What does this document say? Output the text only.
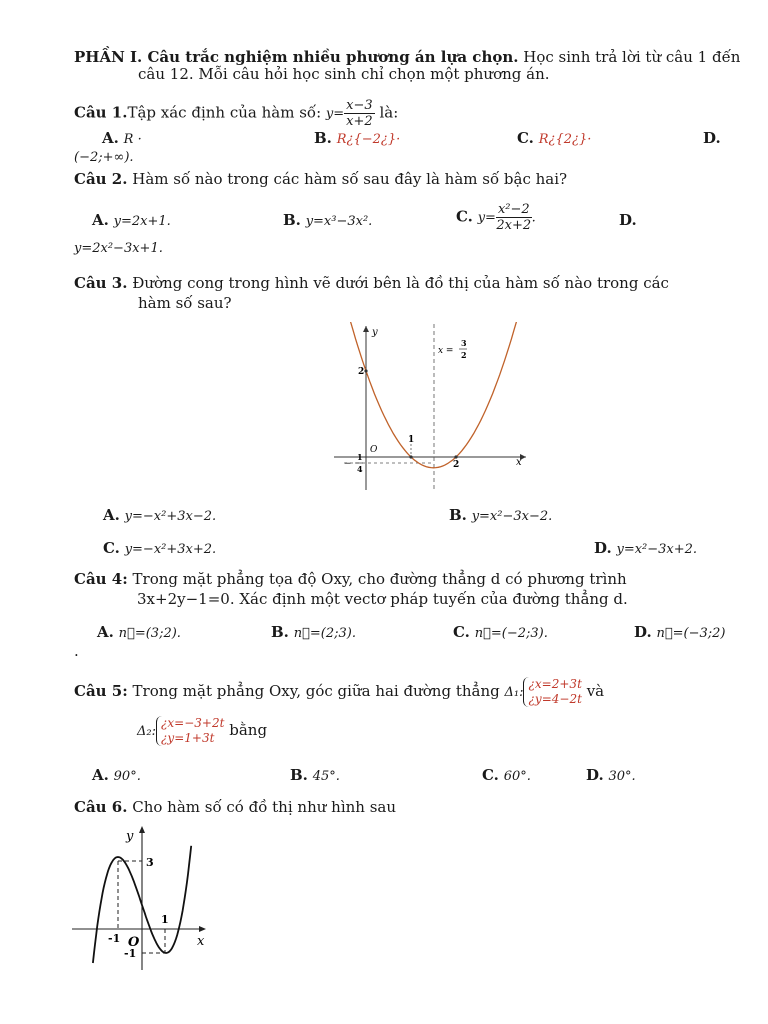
PHẦN I. Câu trắc nghiệm nhiều phương án lựa chọn. Học sinh trả lời từ câu 1 đến
câu 12. Mỗi câu hỏi học sinh chỉ chọn một phương án.
Câu 1.Tập xác định của hàm số: $y= \frac{x-3}{x+2}$ là:
A. R ·	B. R¿{−2¿}·	C. R¿{2¿}·	D.
(−2;+∞).
Câu 2. Hàm số nào trong các hàm số sau đây là hàm số bậc hai?
A. y=2x+1.	B. y=x³−3x².	C. $y= \frac{\text{x²−2}}{2x+2}$ .	D.
y=2x²−3x+1.
Câu 3. Đường cong trong hình vẽ dưới bên là đồ thị của hàm số nào trong các
hàm số sau?
y
x
O
2
1
2
x =
3
2
−
1
4
A. y=−x²+3x−2.	B. y=x²−3x−2.
C. y=−x²+3x+2.	D. y=x²−3x+2.
Câu 4: Trong mặt phẳng tọa độ Oxy, cho đường thẳng d có phương trình
3x+2y−1=0. Xác định một vectơ pháp tuyến của đường thẳng d.
A. n⃗=(3;2).	B. n⃗=(2;3).	C. n⃗=(−2;3).	D. n⃗=(−3;2)
.
Câu 5: Trong mặt phẳng Oxy, góc giữa hai đường thẳng Δ₁:
¿x=2+3t
¿y=4−2t và
Δ₂:
¿x=−3+2t
¿y=1+3t bằng
A. 90°.	B. 45°.	C. 60°.	D. 30°.
Câu 6. Cho hàm số có đồ thị như hình sau
y
x
O
3
1
-1
-1
